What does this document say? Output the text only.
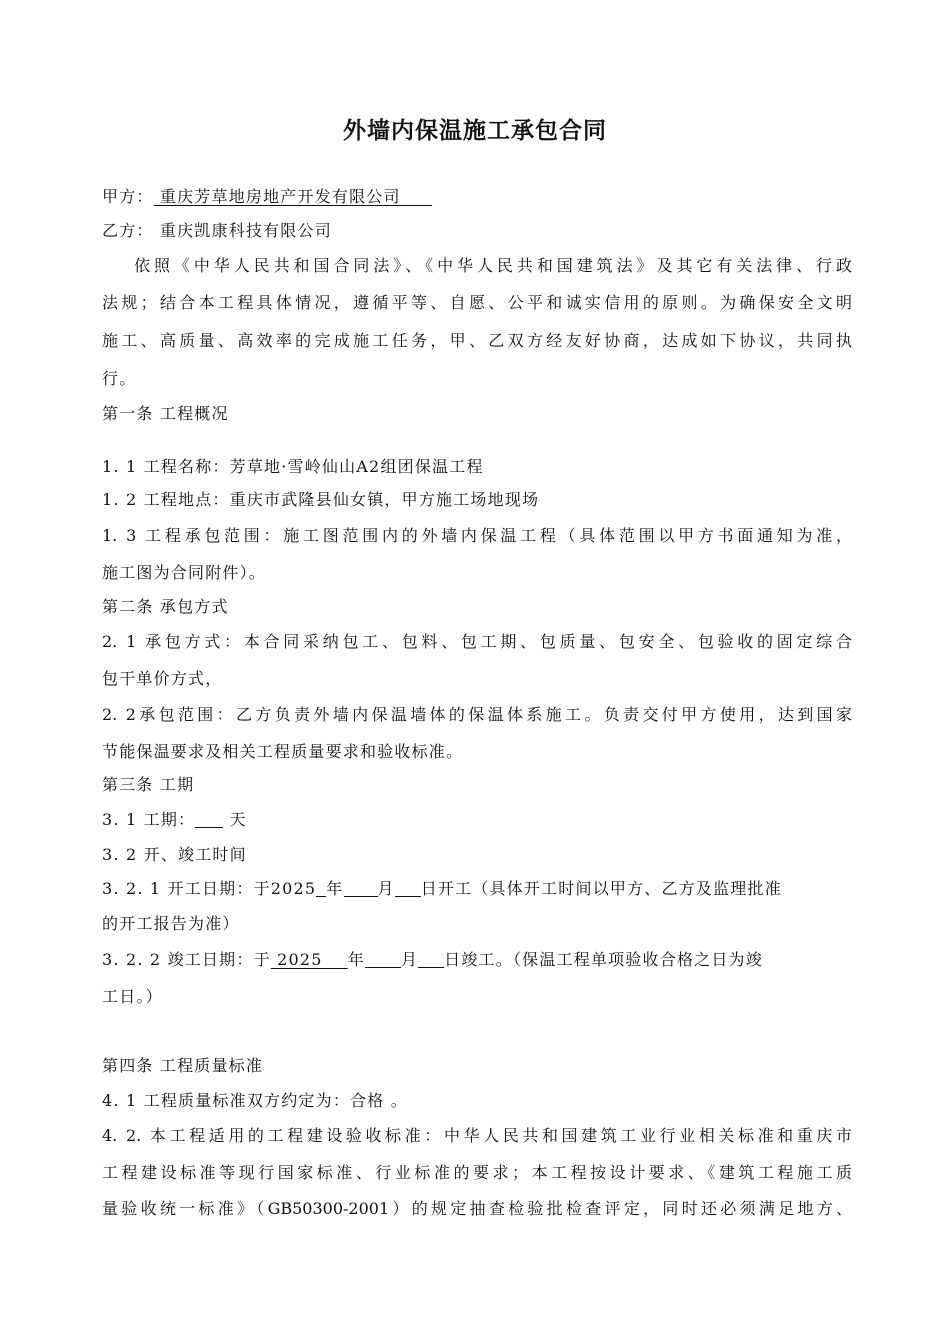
外墙内保温施工承包合同
甲方： 重庆芳草地房地产开发有限公司
乙方： 重庆凯康科技有限公司
依照《中华人民共和国合同法》、《中华人民共和国建筑法》及其它有关法律、行政
法规；结合本工程具体情况，遵循平等、自愿、公平和诚实信用的原则。为确保安全文明
施工、高质量、高效率的完成施工任务，甲、乙双方经友好协商，达成如下协议，共同执
行。
第一条 工程概况
1. 1 工程名称：芳草地·雪岭仙山A2组团保温工程
1. 2 工程地点：重庆市武隆县仙女镇，甲方施工场地现场
1. 3 工程承包范围：施工图范围内的外墙内保温工程（具体范围以甲方书面通知为准，
施工图为合同附件）。
第二条 承包方式
2. 1 承包方式：本合同采纳包工、包料、包工期、包质量、包安全、包验收的固定综合
包干单价方式，
2. 2承包范围：乙方负责外墙内保温墙体的保温体系施工。负责交付甲方使用，达到国家
节能保温要求及相关工程质量要求和验收标准。
第三条 工期
3. 1 工期： 天
3. 2 开、竣工时间
3. 2. 1 开工日期：于2025 年 月 日开工（具体开工时间以甲方、乙方及监理批准
的开工报告为准）
3. 2. 2 竣工日期：于 2025    年 月 日竣工。（保温工程单项验收合格之日为竣
工日。）
第四条 工程质量标准
4. 1 工程质量标准双方约定为：合格 。
4. 2. 本工程适用的工程建设验收标准：中华人民共和国建筑工业行业相关标准和重庆市
工程建设标准等现行国家标准、行业标准的要求；本工程按设计要求、《建筑工程施工质
量验收统一标准》（GB50300-2001）的规定抽查检验批检查评定，同时还必须满足地方、
